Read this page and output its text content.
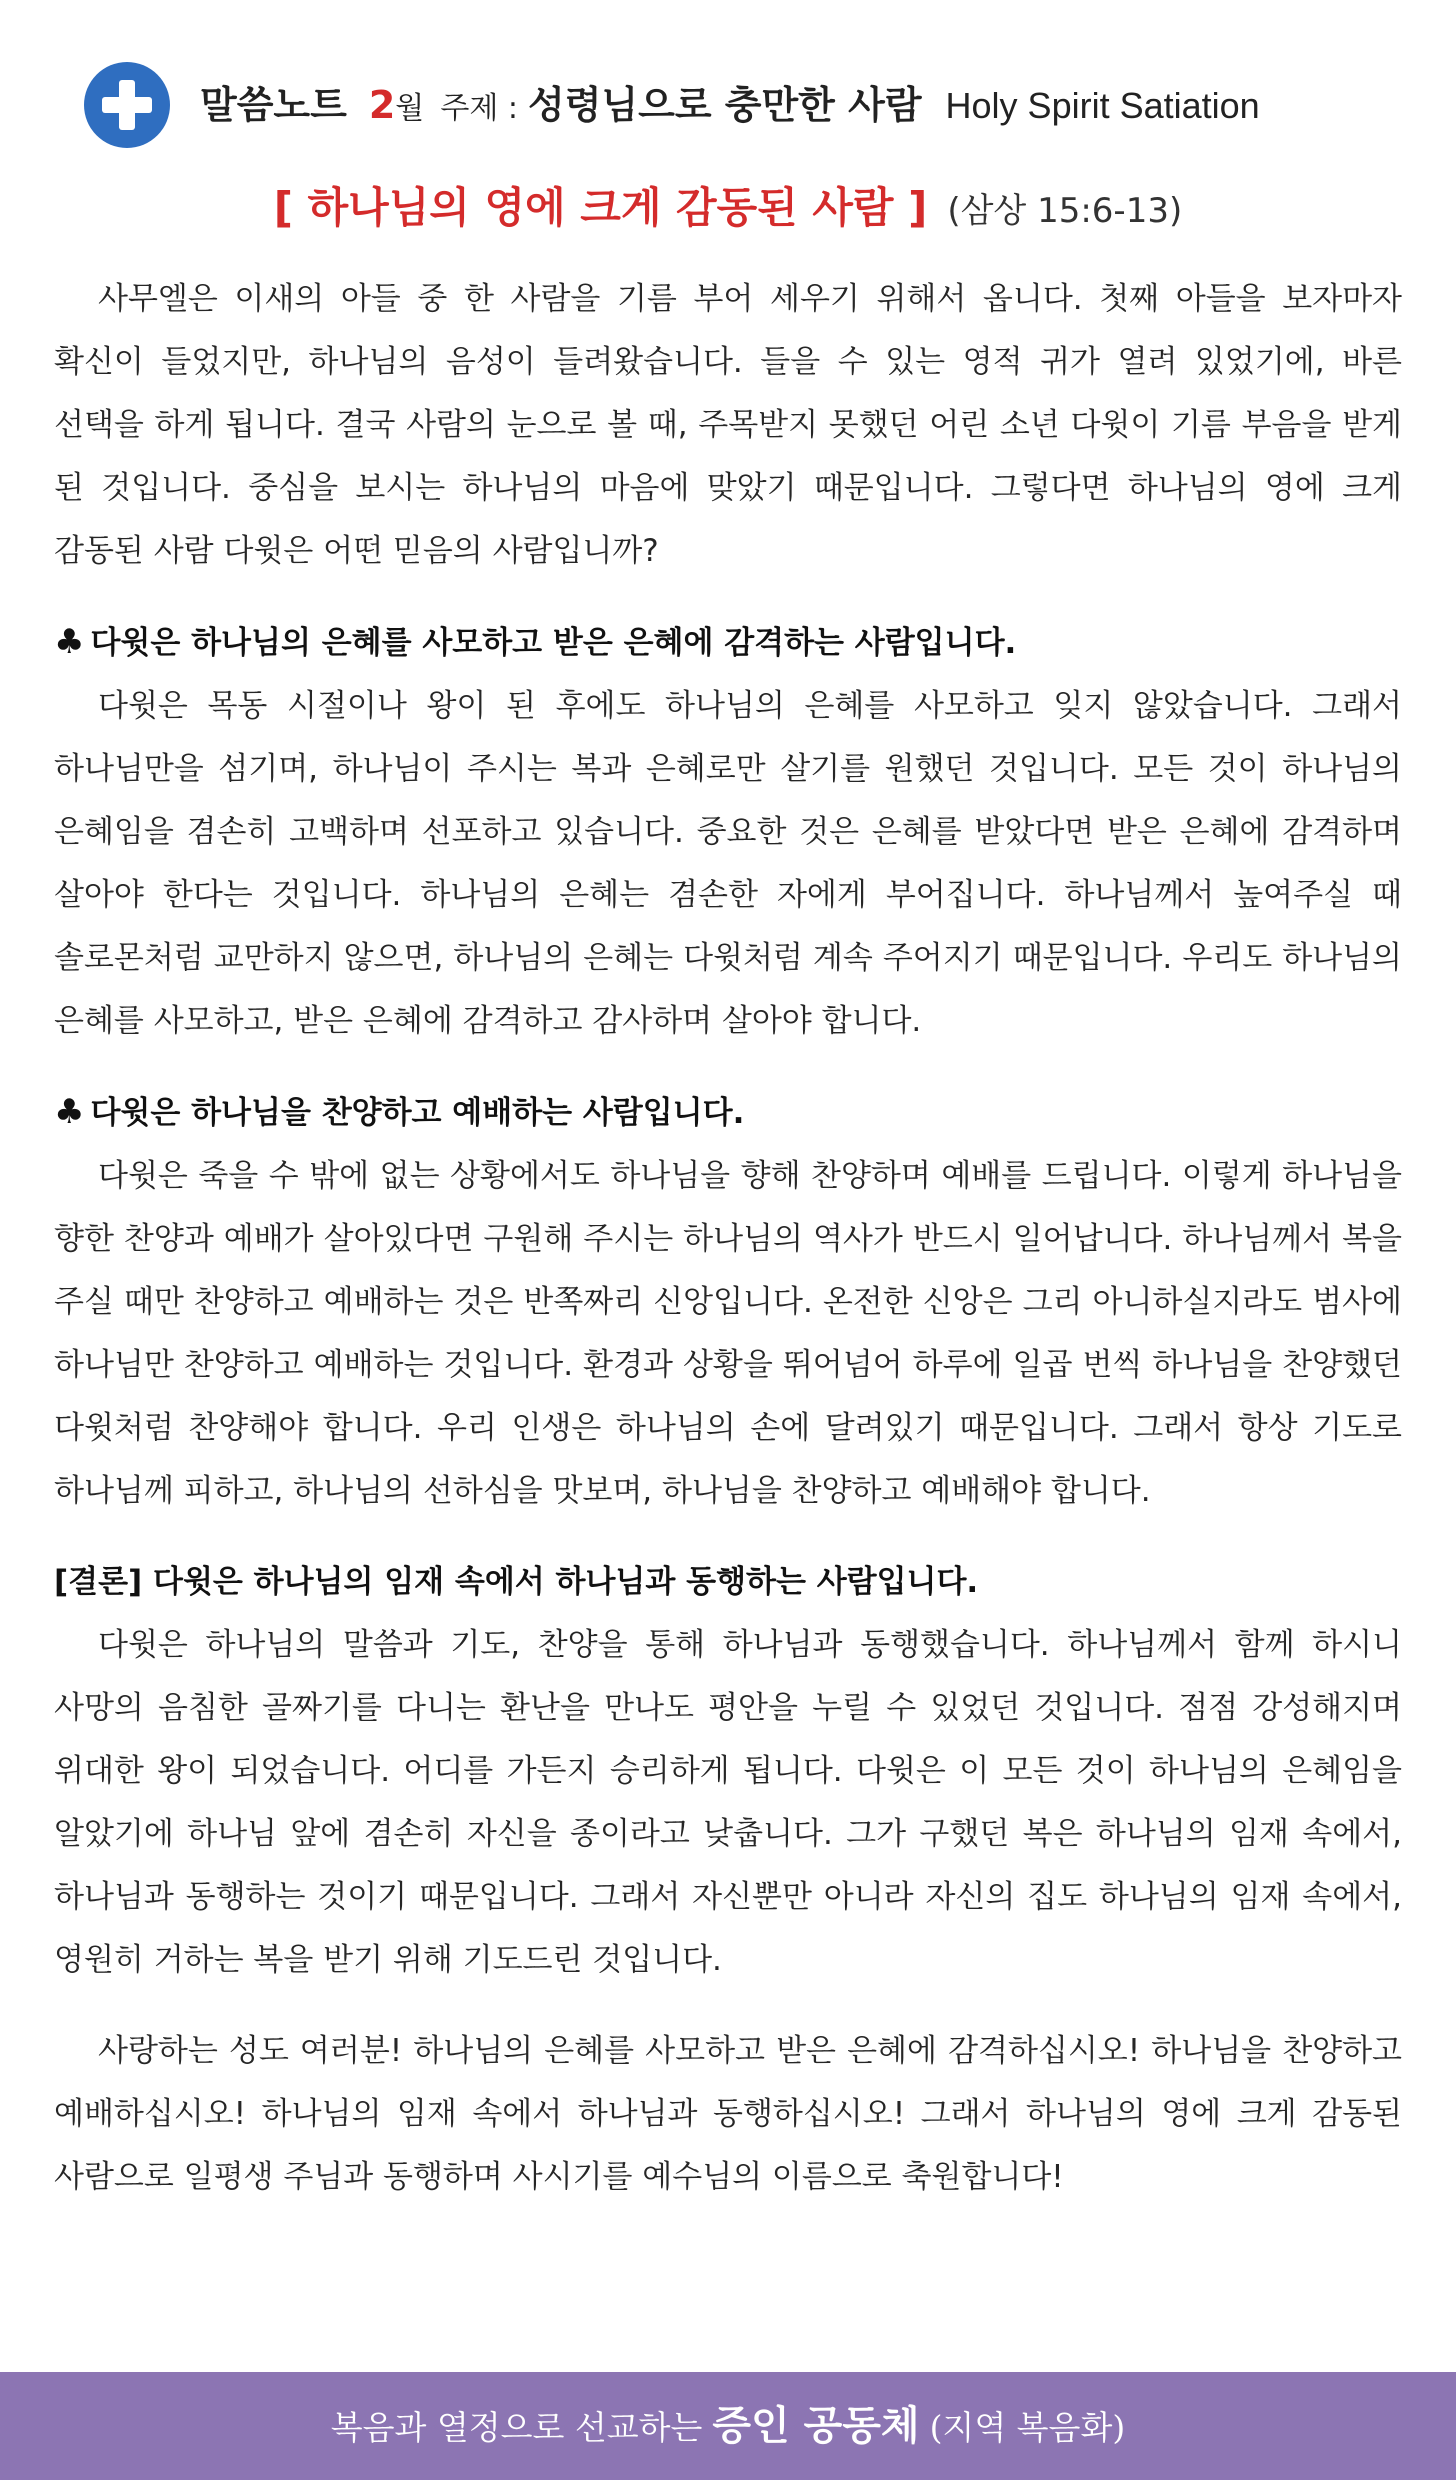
말씀노트 2월 주제 : 성령님으로 충만한 사람 Holy Spirit Satiation
[ 하나님의 영에 크게 감동된 사람 ] (삼상 15:6-13)

사무엘은 이새의 아들 중 한 사람을 기름 부어 세우기 위해서 옵니다. 첫째 아들을 보자마자 확신이 들었지만, 하나님의 음성이 들려왔습니다. 들을 수 있는 영적 귀가 열려 있었기에, 바른 선택을 하게 됩니다. 결국 사람의 눈으로 볼 때, 주목받지 못했던 어린 소년 다윗이 기름 부음을 받게 된 것입니다. 중심을 보시는 하나님의 마음에 맞았기 때문입니다. 그렇다면 하나님의 영에 크게 감동된 사람 다윗은 어떤 믿음의 사람입니까?

♣ 다윗은 하나님의 은혜를 사모하고 받은 은혜에 감격하는 사람입니다.

다윗은 목동 시절이나 왕이 된 후에도 하나님의 은혜를 사모하고 잊지 않았습니다. 그래서 하나님만을 섬기며, 하나님이 주시는 복과 은혜로만 살기를 원했던 것입니다. 모든 것이 하나님의 은혜임을 겸손히 고백하며 선포하고 있습니다. 중요한 것은 은혜를 받았다면 받은 은혜에 감격하며 살아야 한다는 것입니다. 하나님의 은혜는 겸손한 자에게 부어집니다. 하나님께서 높여주실 때 솔로몬처럼 교만하지 않으면, 하나님의 은혜는 다윗처럼 계속 주어지기 때문입니다. 우리도 하나님의 은혜를 사모하고, 받은 은혜에 감격하고 감사하며 살아야 합니다.

♣ 다윗은 하나님을 찬양하고 예배하는 사람입니다.

다윗은 죽을 수 밖에 없는 상황에서도 하나님을 향해 찬양하며 예배를 드립니다. 이렇게 하나님을 향한 찬양과 예배가 살아있다면 구원해 주시는 하나님의 역사가 반드시 일어납니다. 하나님께서 복을 주실 때만 찬양하고 예배하는 것은 반쪽짜리 신앙입니다. 온전한 신앙은 그리 아니하실지라도 범사에 하나님만 찬양하고 예배하는 것입니다. 환경과 상황을 뛰어넘어 하루에 일곱 번씩 하나님을 찬양했던 다윗처럼 찬양해야 합니다. 우리 인생은 하나님의 손에 달려있기 때문입니다. 그래서 항상 기도로 하나님께 피하고, 하나님의 선하심을 맛보며, 하나님을 찬양하고 예배해야 합니다.

[결론] 다윗은 하나님의 임재 속에서 하나님과 동행하는 사람입니다.

다윗은 하나님의 말씀과 기도, 찬양을 통해 하나님과 동행했습니다. 하나님께서 함께 하시니 사망의 음침한 골짜기를 다니는 환난을 만나도 평안을 누릴 수 있었던 것입니다. 점점 강성해지며 위대한 왕이 되었습니다. 어디를 가든지 승리하게 됩니다. 다윗은 이 모든 것이 하나님의 은혜임을 알았기에 하나님 앞에 겸손히 자신을 종이라고 낮춥니다. 그가 구했던 복은 하나님의 임재 속에서, 하나님과 동행하는 것이기 때문입니다. 그래서 자신뿐만 아니라 자신의 집도 하나님의 임재 속에서, 영원히 거하는 복을 받기 위해 기도드린 것입니다.

사랑하는 성도 여러분! 하나님의 은혜를 사모하고 받은 은혜에 감격하십시오! 하나님을 찬양하고 예배하십시오! 하나님의 임재 속에서 하나님과 동행하십시오! 그래서 하나님의 영에 크게 감동된 사람으로 일평생 주님과 동행하며 사시기를 예수님의 이름으로 축원합니다!

복음과 열정으로 선교하는 증인 공동체 (지역 복음화)
